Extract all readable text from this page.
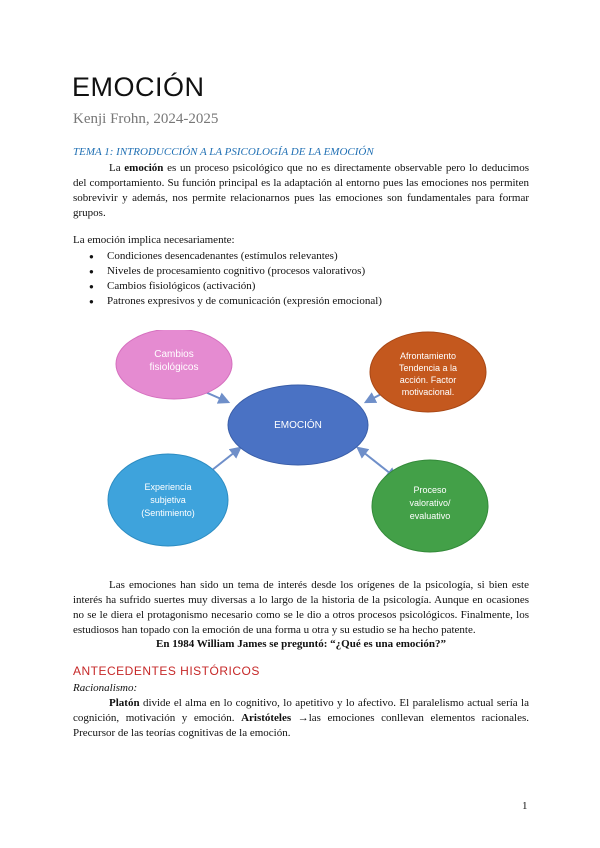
EMOCIÓN

Kenji Frohn, 2024-2025

TEMA 1: INTRODUCCIÓN A LA PSICOLOGÍA DE LA EMOCIÓN

La emoción es un proceso psicológico que no es directamente observable pero lo deducimos del comportamiento. Su función principal es la adaptación al entorno pues las emociones nos permiten sobrevivir y además, nos permite relacionarnos pues las emociones son fundamentales para formar grupos.

La emoción implica necesariamente:

● Condiciones desencadenantes (estímulos relevantes)
● Niveles de procesamiento cognitivo (procesos valorativos)
● Cambios fisiológicos (activación)
● Patrones expresivos y de comunicación (expresión emocional)
Cambios
fisiológicos
Afrontamiento
Tendencia a la
acción. Factor
motivacional.
EMOCIÓN
Experiencia
subjetiva
(Sentimiento)
Proceso
valorativo/
evaluativo

Las emociones han sido un tema de interés desde los orígenes de la psicología, si bien este interés ha sufrido suertes muy diversas a lo largo de la historia de la psicología. Aunque en ocasiones no se le diera el protagonismo necesario como se le dio a otros procesos psicológicos. Finalmente, los estudiosos han topado con la emoción de una forma u otra y su estudio se ha hecho patente.

En 1984 William James se preguntó: “¿Qué es una emoción?”

ANTECEDENTES HISTÓRICOS

Racionalismo:

Platón divide el alma en lo cognitivo, lo apetitivo y lo afectivo. El paralelismo actual sería la cognición, motivación y emoción. Aristóteles →las emociones conllevan elementos racionales. Precursor de las teorías cognitivas de la emoción.

1
